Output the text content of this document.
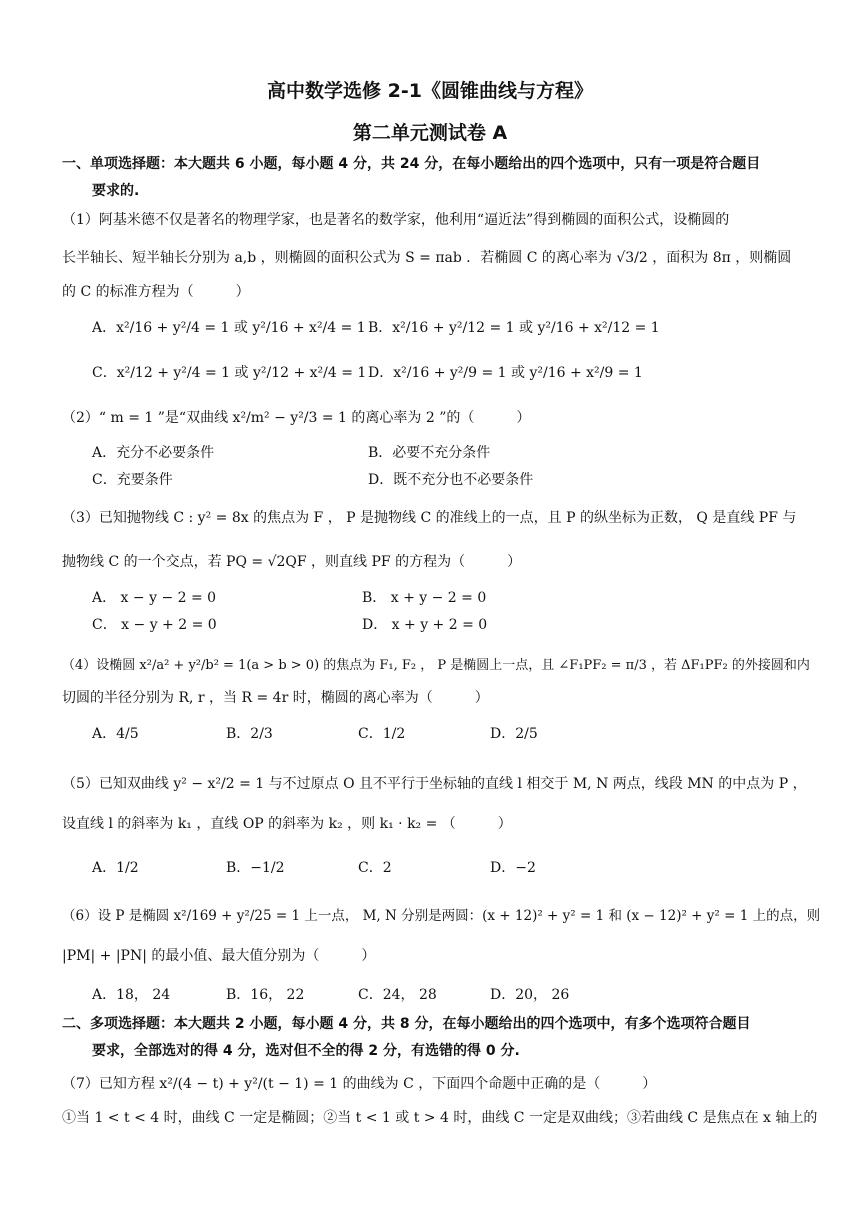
高中数学选修 2-1《圆锥曲线与方程》
第二单元测试卷 A
一、单项选择题：本大题共 6 小题，每小题 4 分，共 24 分，在每小题给出的四个选项中，只有一项是符合题目
要求的.
（1）阿基米德不仅是著名的物理学家，也是著名的数学家，他利用“逼近法”得到椭圆的面积公式，设椭圆的
长半轴长、短半轴长分别为 a,b ，则椭圆的面积公式为 S = πab ．若椭圆 C 的离心率为 √3/2 ，面积为 8π ，则椭圆
的 C 的标准方程为（　　　）
A．x²/16 + y²/4 = 1 或 y²/16 + x²/4 = 1 B．x²/16 + y²/12 = 1 或 y²/16 + x²/12 = 1
C．x²/12 + y²/4 = 1 或 y²/12 + x²/4 = 1 D．x²/16 + y²/9 = 1 或 y²/16 + x²/9 = 1
（2）“ m = 1 ”是“双曲线 x²/m² − y²/3 = 1 的离心率为 2 ”的（　　　）
A．充分不必要条件	B．必要不充分条件
C．充要条件	D．既不充分也不必要条件
（3）已知抛物线 C : y² = 8x 的焦点为 F ， P 是抛物线 C 的准线上的一点，且 P 的纵坐标为正数， Q 是直线 PF 与
抛物线 C 的一个交点，若 PQ = √2QF ，则直线 PF 的方程为（　　　）
A． x − y − 2 = 0	B． x + y − 2 = 0
C． x − y + 2 = 0	D． x + y + 2 = 0
（4）设椭圆 x²/a² + y²/b² = 1(a > b > 0) 的焦点为 F₁, F₂ ， P 是椭圆上一点，且 ∠F₁PF₂ = π/3 ，若 ΔF₁PF₂ 的外接圆和内
切圆的半径分别为 R, r ，当 R = 4r 时，椭圆的离心率为（　　　）
A．4/5	B．2/3	C．1/2	D．2/5
（5）已知双曲线 y² − x²/2 = 1 与不过原点 O 且不平行于坐标轴的直线 l 相交于 M, N 两点，线段 MN 的中点为 P ，
设直线 l 的斜率为 k₁ ，直线 OP 的斜率为 k₂ ，则 k₁ · k₂ = （　　　）
A．1/2	B．−1/2	C．2	D．−2
（6）设 P 是椭圆 x²/169 + y²/25 = 1 上一点， M, N 分别是两圆：(x + 12)² + y² = 1 和 (x − 12)² + y² = 1 上的点，则
|PM| + |PN| 的最小值、最大值分别为（　　　）
A．18， 24	B．16， 22	C．24， 28	D．20， 26
二、多项选择题：本大题共 2 小题，每小题 4 分，共 8 分，在每小题给出的四个选项中，有多个选项符合题目
要求，全部选对的得 4 分，选对但不全的得 2 分，有选错的得 0 分.
（7）已知方程 x²/(4 − t) + y²/(t − 1) = 1 的曲线为 C ，下面四个命题中正确的是（　　　）
①当 1 < t < 4 时，曲线 C 一定是椭圆；②当 t < 1 或 t > 4 时，曲线 C 一定是双曲线；③若曲线 C 是焦点在 x 轴上的
